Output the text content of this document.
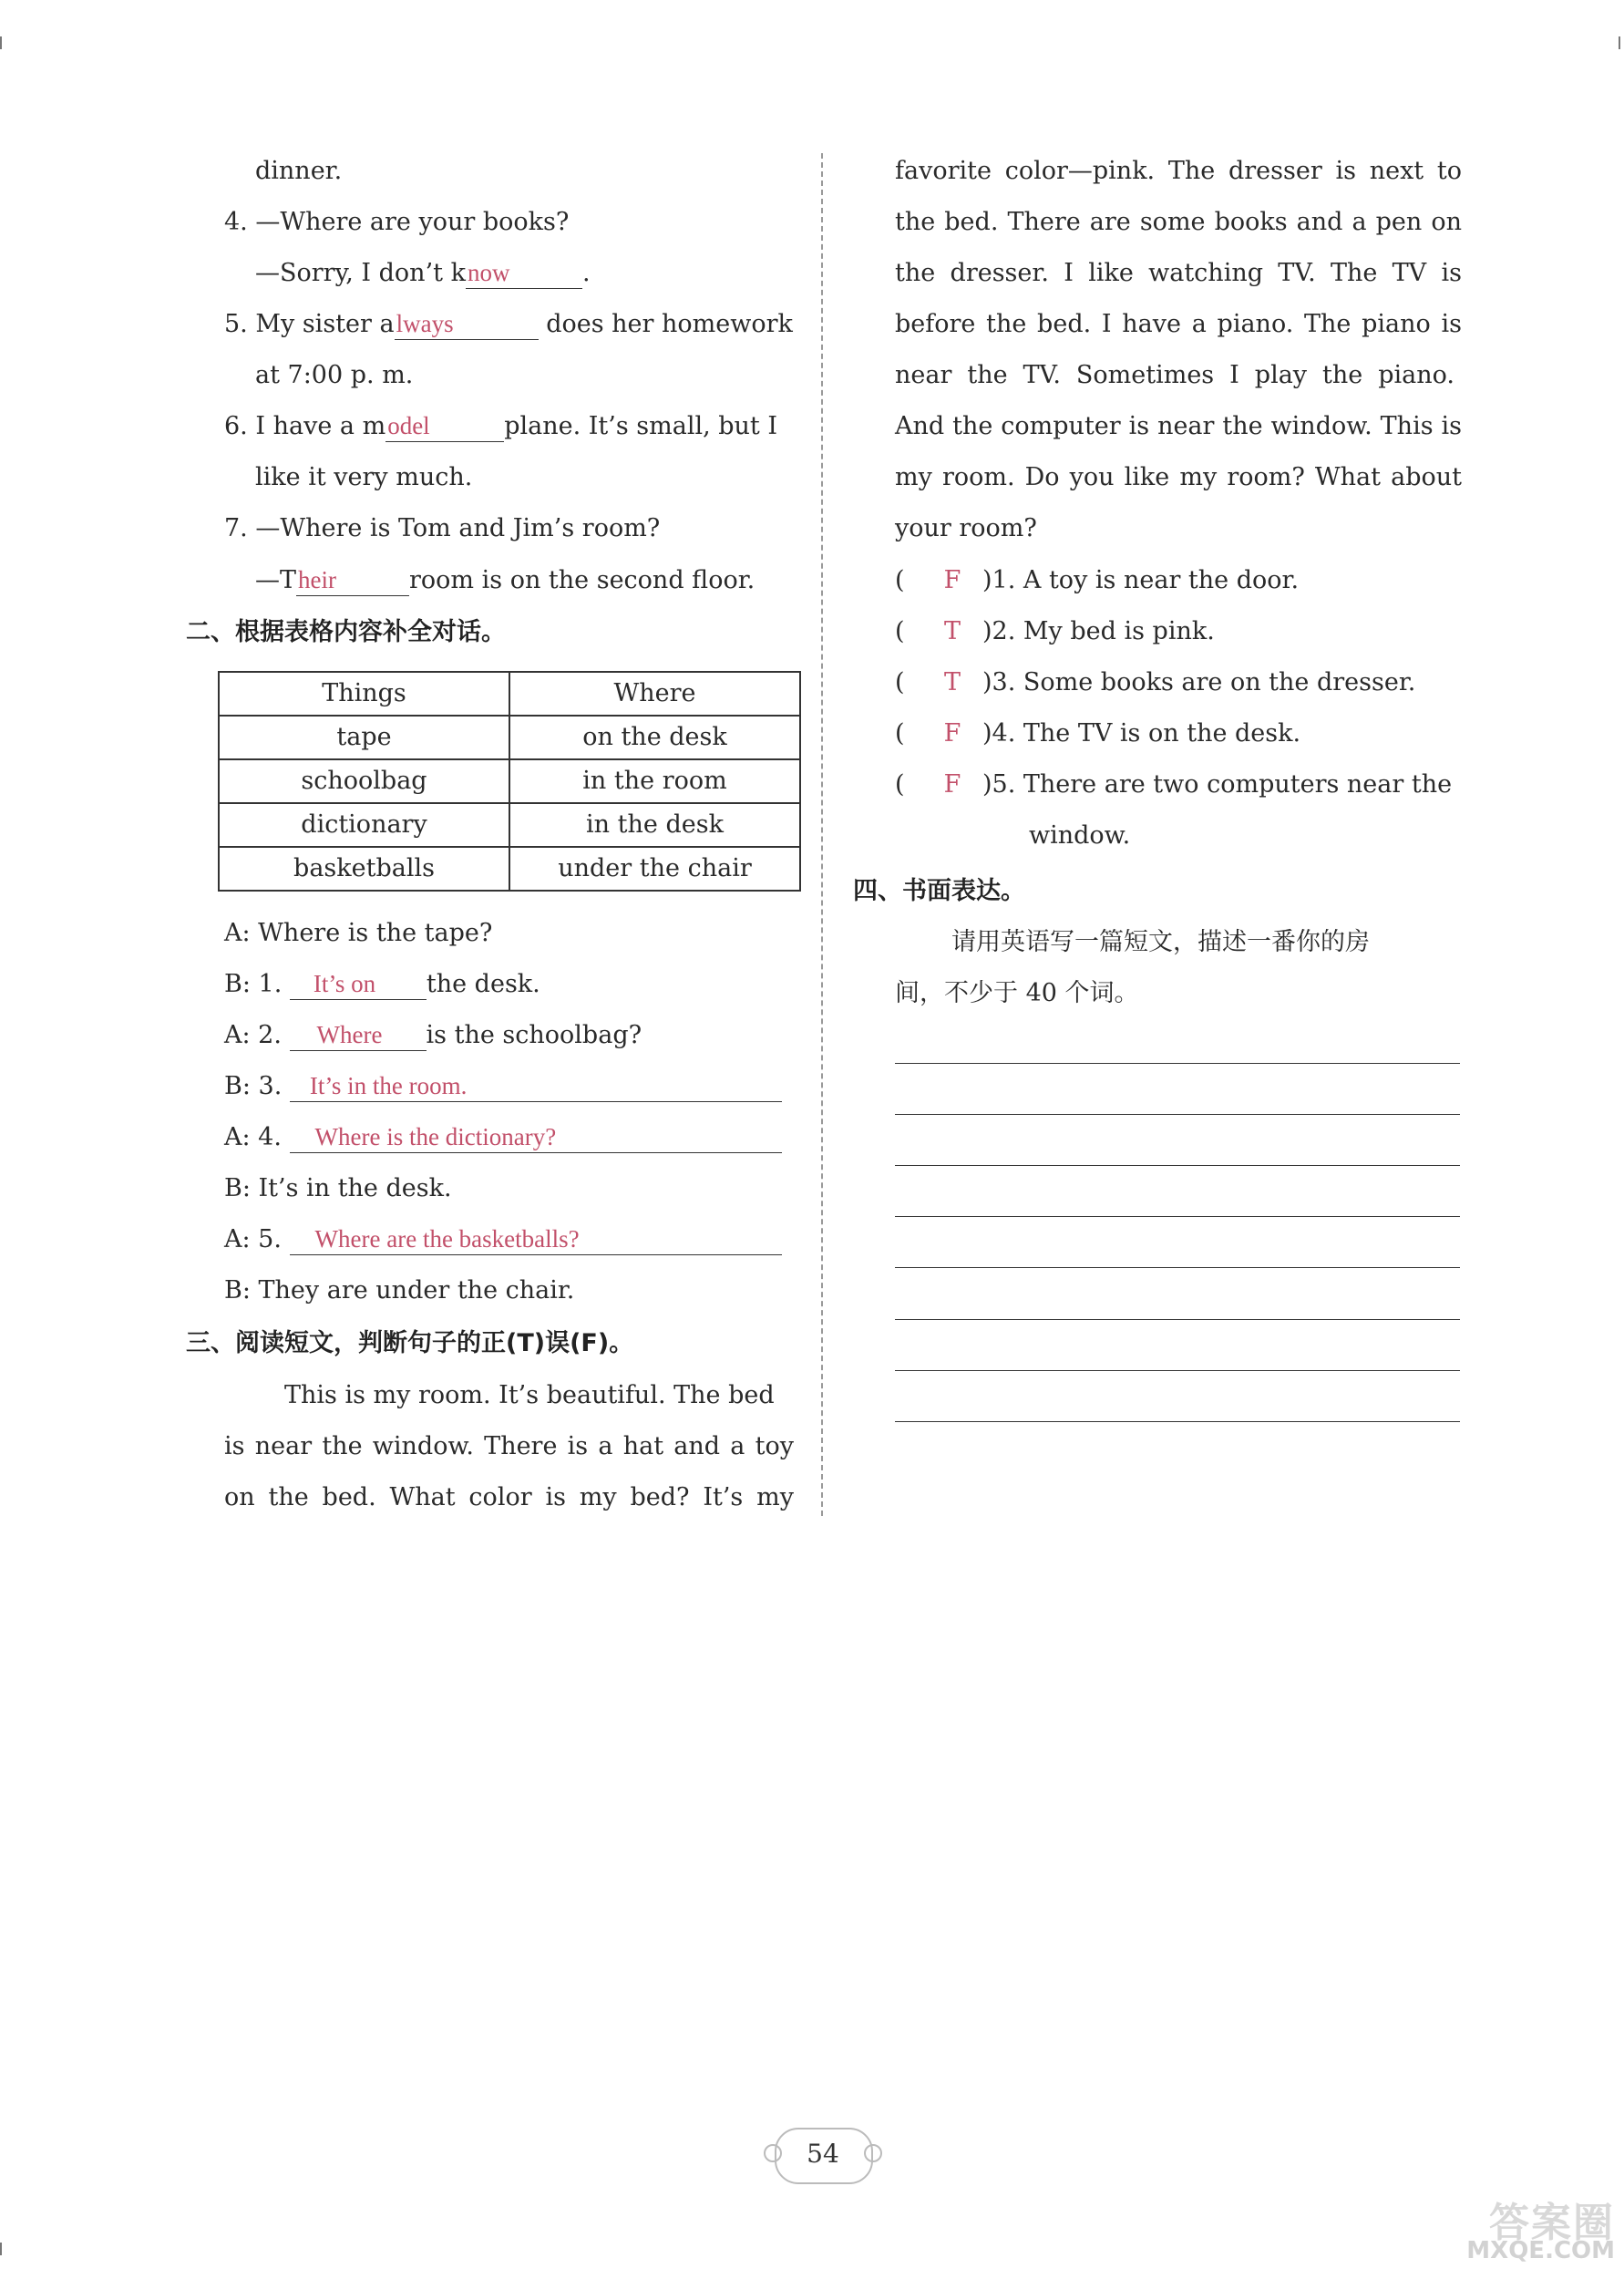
dinner.
4. —Where are your books?
—Sorry, I don’t know	.
5. My sister always	does her homework
at 7:00 p. m.
6. I have a model	plane. It’s small, but I
like it very much.
7. —Where is Tom and Jim’s room?
—Their	room is on the second floor.
二、根据表格内容补全对话。
Things	Where
tape	on the desk
schoolbag	in the room
dictionary	in the desk
basketballs	under the chair
A: Where is the tape?
B: 1. It’s on the desk.
A: 2. Where is the schoolbag?
B: 3. It’s in the room.
A: 4. Where is the dictionary?
B: It’s in the desk.
A: 5. Where are the basketballs?
B: They are under the chair.
三、阅读短文，判断句子的正(T)误(F)。
This is my room. It’s beautiful. The bed
is near the window. There is a hat and a toy
on the bed. What color is my bed? It’s my
favorite color—pink. The dresser is next to
the bed. There are some books and a pen on
the dresser. I like watching TV. The TV is
before the bed. I have a piano. The piano is
near the TV. Sometimes I play the piano.
And the computer is near the window. This is
my room. Do you like my room? What about
your room?
( F )1. A toy is near the door.
( T )2. My bed is pink.
( T )3. Some books are on the dresser.
( F )4. The TV is on the desk.
( F )5. There are two computers near the
window.
四、书面表达。
请用英语写一篇短文，描述一番你的房
间，不少于 40 个词。
54
答案圈
MXQE.COM
